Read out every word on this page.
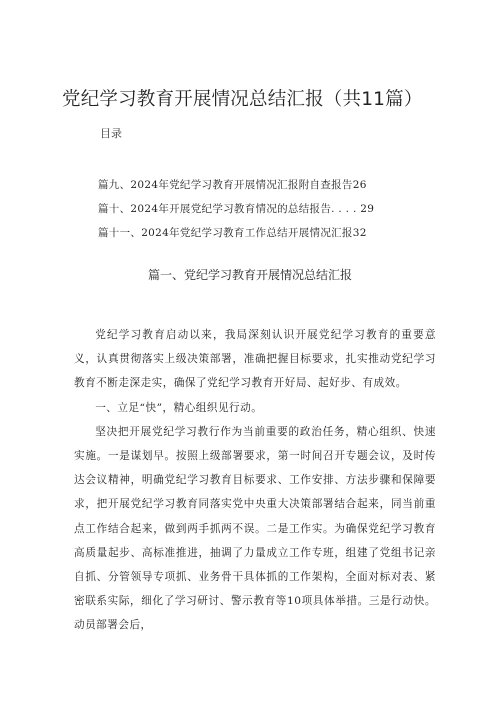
党纪学习教育开展情况总结汇报（共11篇）
目录
篇九、2024年党纪学习教育开展情况汇报附自查报告26
篇十、2024年开展党纪学习教育情况的总结报告. . . . 29
篇十一、2024年党纪学习教育工作总结开展情况汇报32
篇一、党纪学习教育开展情况总结汇报

党纪学习教育启动以来，我局深刻认识开展党纪学习教育的重要意义，认真贯彻落实上级决策部署，准确把握目标要求，扎实推动党纪学习教育不断走深走实，确保了党纪学习教育开好局、起好步、有成效。

一、立足“快”，精心组织见行动。

坚决把开展党纪学习教行作为当前重要的政治任务，精心组织、快速实施。一是谋划早。按照上级部署要求，第一时间召开专题会议，及时传达会议精神，明确党纪学习教育目标要求、工作安排、方法步骤和保障要求，把开展党纪学习教育同落实党中央重大决策部署结合起来，同当前重点工作结合起来，做到两手抓两不误。二是工作实。为确保党纪学习教育高质量起步、高标准推进，抽调了力量成立工作专班，组建了党组书记亲自抓、分管领导专项抓、业务骨干具体抓的工作架构，全面对标对表、紧密联系实际，细化了学习研讨、警示教育等10项具体举措。三是行动快。动员部署会后，
